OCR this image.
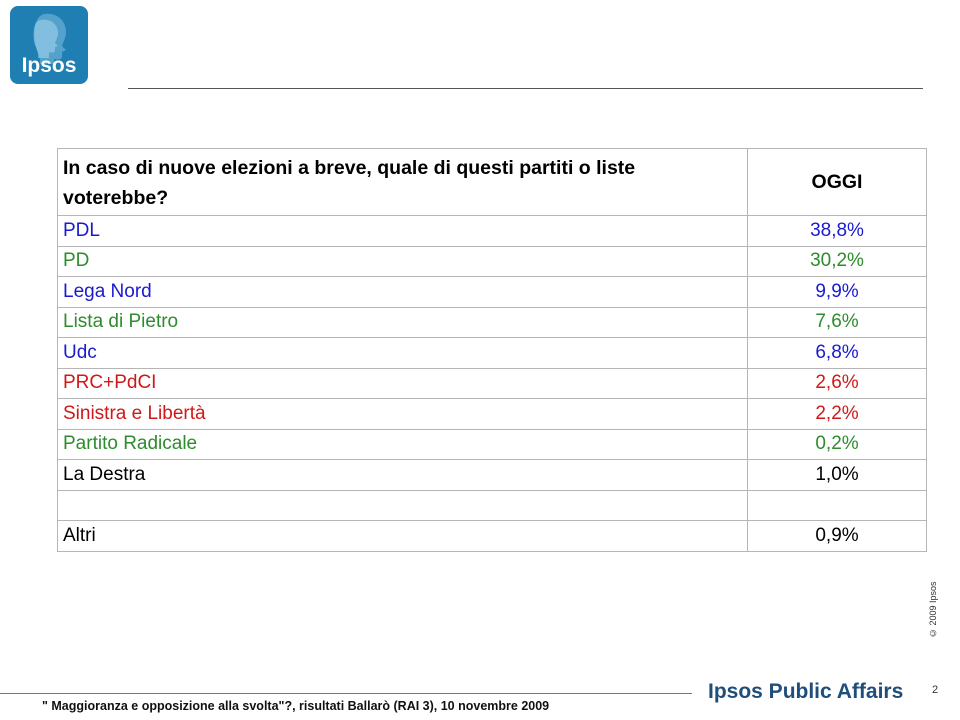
Ipsos
In caso di nuove elezioni a breve, quale di questi partiti o liste voterebbe?	OGGI
PDL	38,8%
PD	30,2%
Lega Nord	9,9%
Lista di Pietro	7,6%
Udc	6,8%
PRC+PdCI	2,6%
Sinistra e Libertà	2,2%
Partito Radicale	0,2%
La Destra	1,0%

Altri	0,9%
© 2009 Ipsos
" Maggioranza e opposizione alla svolta"?, risultati Ballarò (RAI 3), 10 novembre 2009
Ipsos Public Affairs	2
